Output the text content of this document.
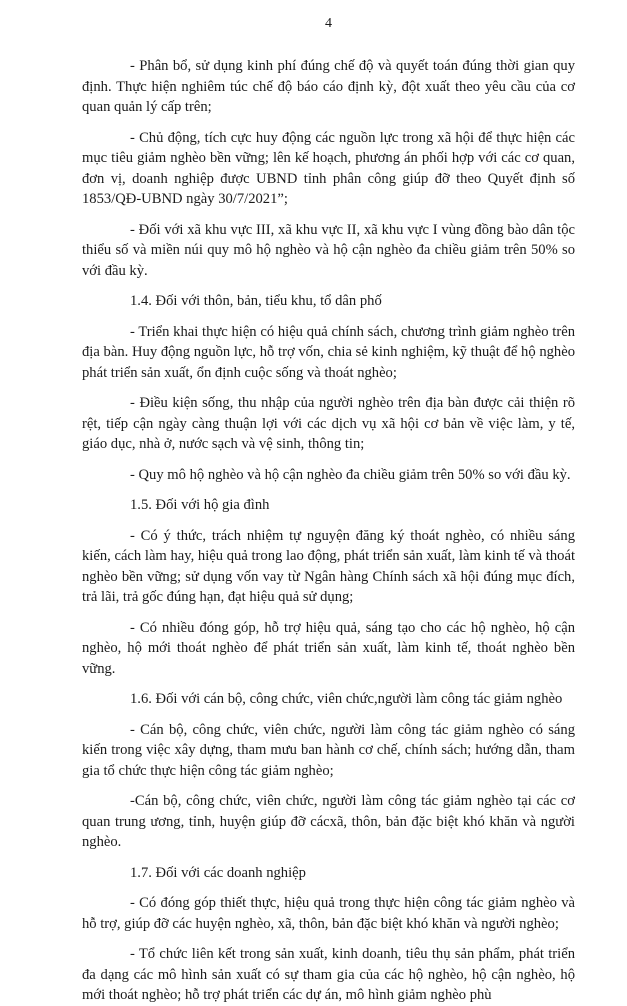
4

- Phân bổ, sử dụng kinh phí đúng chế độ và quyết toán đúng thời gian quy định. Thực hiện nghiêm túc chế độ báo cáo định kỳ, đột xuất theo yêu cầu của cơ quan quản lý cấp trên;

- Chủ động, tích cực huy động các nguồn lực trong xã hội để thực hiện các mục tiêu giảm nghèo bền vững; lên kế hoạch, phương án phối hợp với các cơ quan, đơn vị, doanh nghiệp được UBND tỉnh phân công giúp đỡ theo Quyết định số 1853/QĐ-UBND ngày 30/7/2021”;

- Đối với xã khu vực III, xã khu vực II, xã khu vực I vùng đồng bào dân tộc thiểu số và miền núi quy mô hộ nghèo và hộ cận nghèo đa chiều giảm trên 50% so với đầu kỳ.

1.4. Đối với thôn, bản, tiểu khu, tổ dân phố

- Triển khai thực hiện có hiệu quả chính sách, chương trình giảm nghèo trên địa bàn. Huy động nguồn lực, hỗ trợ vốn, chia sẻ kinh nghiệm, kỹ thuật để hộ nghèo phát triển sản xuất, ổn định cuộc sống và thoát nghèo;

- Điều kiện sống, thu nhập của người nghèo trên địa bàn được cải thiện rõ rệt, tiếp cận ngày càng thuận lợi với các dịch vụ xã hội cơ bản về việc làm, y tế, giáo dục, nhà ở, nước sạch và vệ sinh, thông tin;

- Quy mô hộ nghèo và hộ cận nghèo đa chiều giảm trên 50% so với đầu kỳ.

1.5. Đối với hộ gia đình

- Có ý thức, trách nhiệm tự nguyện đăng ký thoát nghèo, có nhiều sáng kiến, cách làm hay, hiệu quả trong lao động, phát triển sản xuất, làm kinh tế và thoát nghèo bền vững; sử dụng vốn vay từ Ngân hàng Chính sách xã hội đúng mục đích, trả lãi, trả gốc đúng hạn, đạt hiệu quả sử dụng;

- Có nhiều đóng góp, hỗ trợ hiệu quả, sáng tạo cho các hộ nghèo, hộ cận nghèo, hộ mới thoát nghèo để phát triển sản xuất, làm kinh tế, thoát nghèo bền vững.

1.6. Đối với cán bộ, công chức, viên chức,người làm công tác giảm nghèo

- Cán bộ, công chức, viên chức, người làm công tác giảm nghèo có sáng kiến trong việc xây dựng, tham mưu ban hành cơ chế, chính sách; hướng dẫn, tham gia tổ chức thực hiện công tác giảm nghèo;

-Cán bộ, công chức, viên chức, người làm công tác giảm nghèo tại các cơ quan trung ương, tỉnh, huyện giúp đỡ cácxã, thôn, bản đặc biệt khó khăn và người nghèo.

1.7. Đối với các doanh nghiệp

- Có đóng góp thiết thực, hiệu quả trong thực hiện công tác giảm nghèo và hỗ trợ, giúp đỡ các huyện nghèo, xã, thôn, bản đặc biệt khó khăn và người nghèo;

- Tổ chức liên kết trong sản xuất, kinh doanh, tiêu thụ sản phẩm, phát triển đa dạng các mô hình sản xuất có sự tham gia của các hộ nghèo, hộ cận nghèo, hộ mới thoát nghèo; hỗ trợ phát triển các dự án, mô hình giảm nghèo phù
